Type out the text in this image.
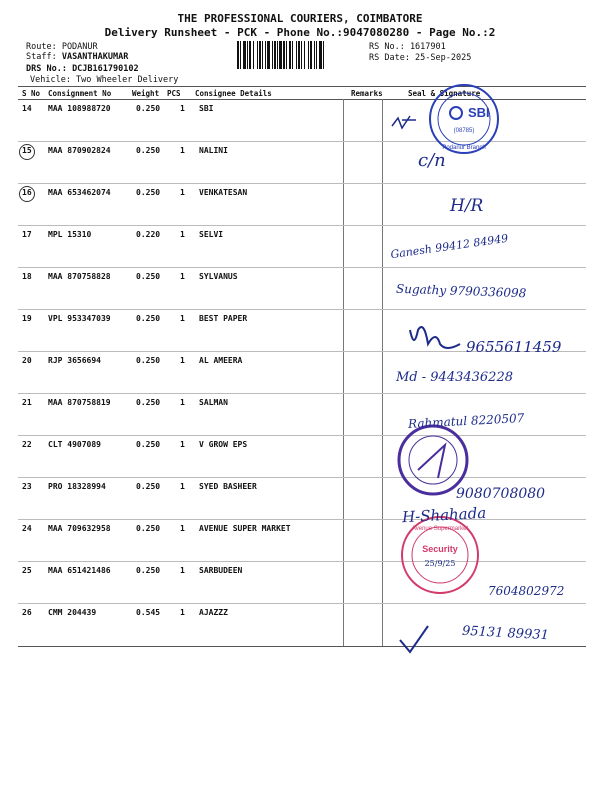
THE PROFESSIONAL COURIERS, COIMBATORE
Delivery Runsheet - PCK - Phone No.:9047080280 - Page No.:2
Route: PODANUR
Staff: VASANTHAKUMAR
DRS No.: DCJB161790102
Vehicle: Two Wheeler Delivery
RS No.: 1617901
RS Date: 25-Sep-2025
S No Consignment No	Weight PCS Consignee Details	Remarks	Seal & Signature
14 MAA 108988720	0.250 1 SBI
15 MAA 870902824	0.250 1 NALINI
16 MAA 653462074	0.250 1 VENKATESAN
17 MPL 15310	0.220 1 SELVI
18 MAA 870758828	0.250 1 SYLVANUS
19 VPL 953347039	0.250 1 BEST PAPER
20 RJP 3656694	0.250 1 AL AMEERA
21 MAA 870758819	0.250 1 SALMAN
22 CLT 4907089	0.250 1 V GROW EPS
23 PRO 18328994	0.250 1 SYED BASHEER
24 MAA 709632958	0.250 1 AVENUE SUPER MARKET
25 MAA 651421486	0.250 1 SARBUDEEN
26 CMM 204439	0.545 1 AJAZZZ
SBI
(08785)
Podanur Branch
Avenue Supermarket
Security
25/9/25
c/n
H/R
Ganesh 99412 84949
Sugathy 9790336098
9655611459
Md - 9443436228
Rahmatul 8220507
9080708080
H-Shahada
7604802972
95131 89931
